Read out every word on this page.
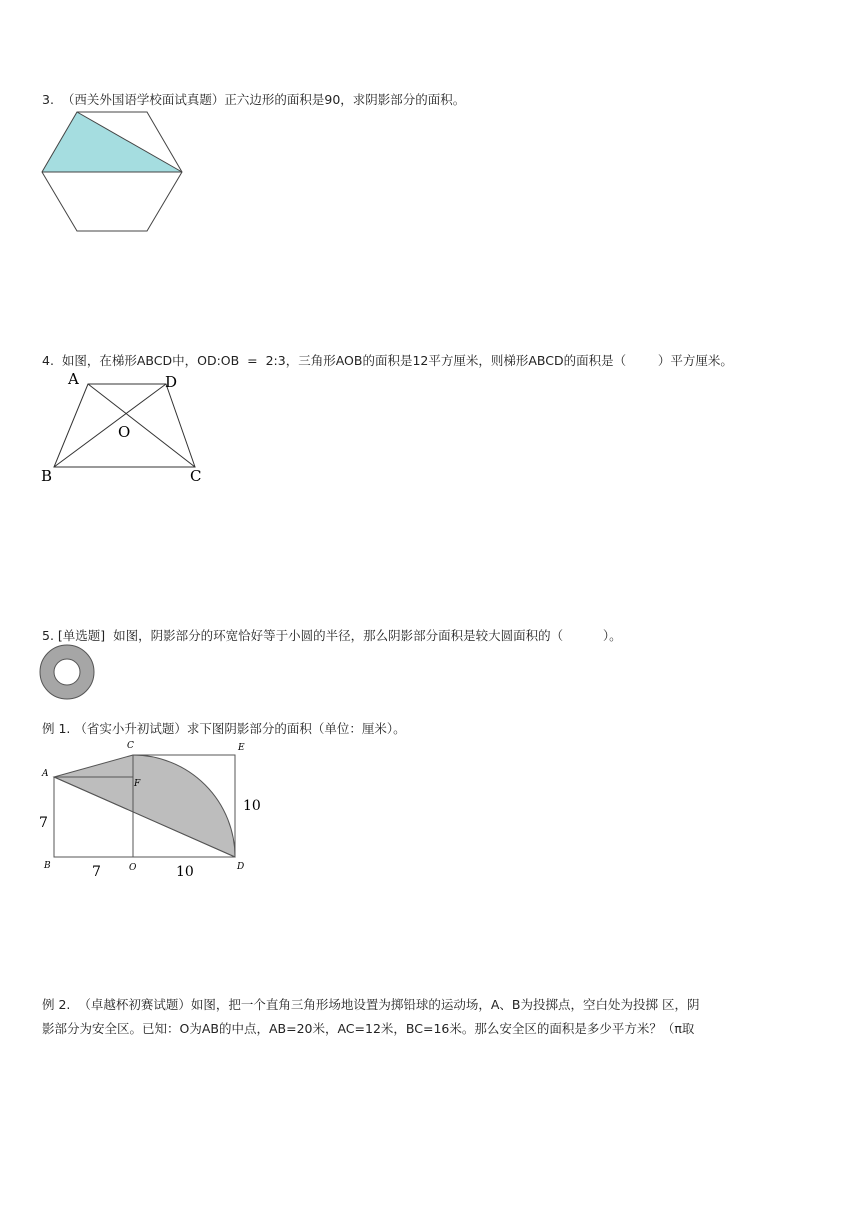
3.  （西关外国语学校面试真题）正六边形的面积是90，求阴影部分的面积。
4.  如图，在梯形ABCD中，OD:OB  =  2:3，三角形AOB的面积是12平方厘米，则梯形ABCD的面积是（        ）平方厘米。
A	D
O
B	C
5. [单选题]  如图，阴影部分的环宽恰好等于小圆的半径，那么阴影部分面积是较大圆面积的（          ）。
例 1. （省实小升初试题）求下图阴影部分的面积（单位：厘米）。
C	E
A
F
B	O	D
7
7	10
10
例 2.  （卓越杯初赛试题）如图，把一个直角三角形场地设置为掷铅球的运动场，A、B为投掷点，空白处为投掷 区，阴
影部分为安全区。已知：O为AB的中点，AB=20米，AC=12米，BC=16米。那么安全区的面积是多少平方米？（π取
